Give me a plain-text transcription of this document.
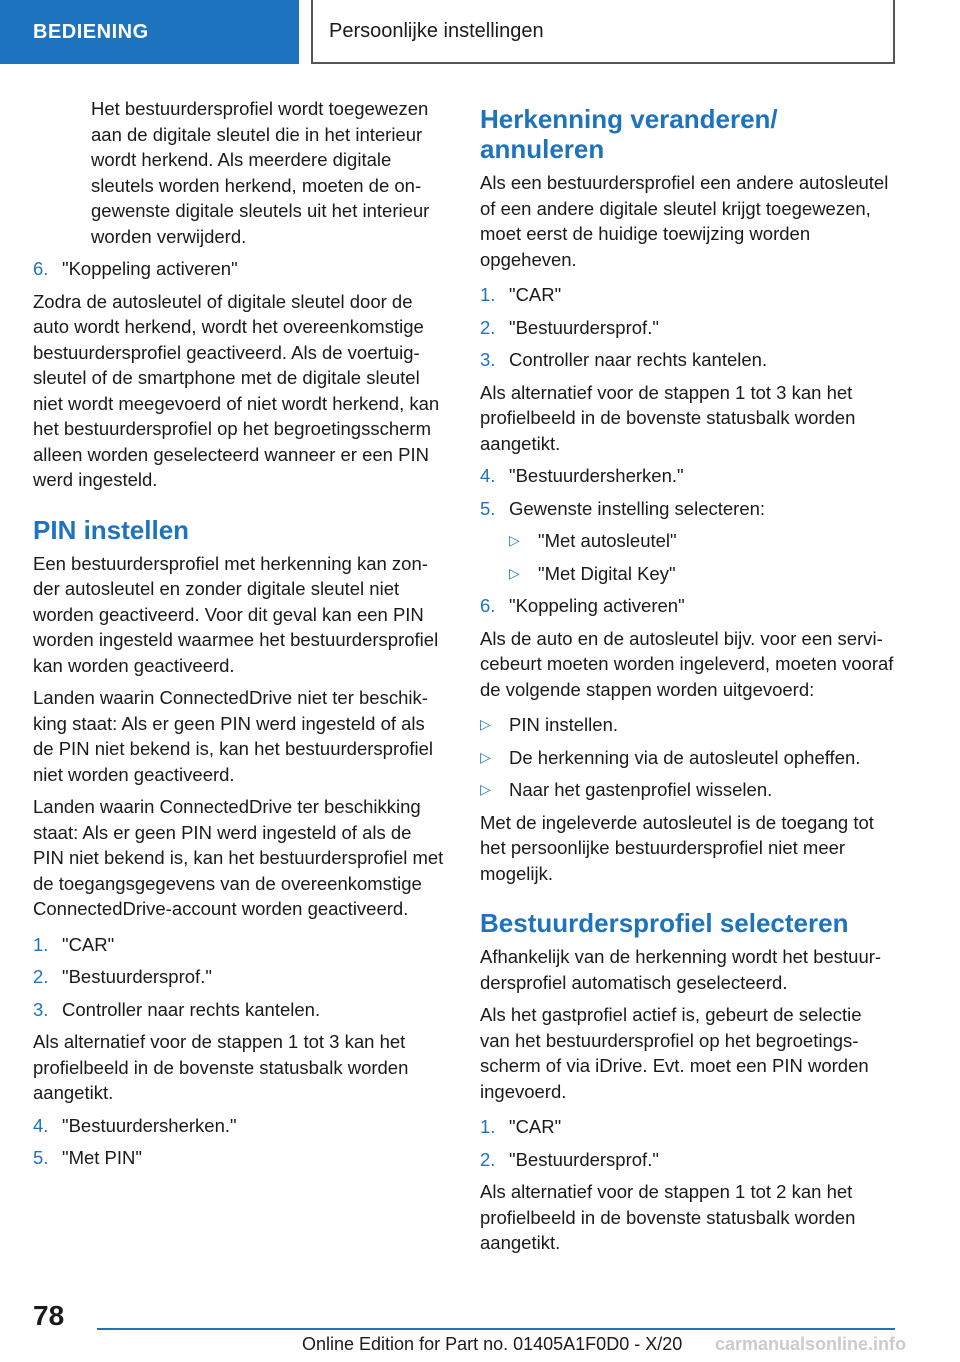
BEDIENING	Persoonlijke instellingen

Het bestuurdersprofiel wordt toegewezen aan de digitale sleutel die in het interieur wordt herkend. Als meerdere digitale sleutels worden herkend, moeten de ongewenste digitale sleutels uit het interieur worden verwijderd.

6. "Koppeling activeren"

Zodra de autosleutel of digitale sleutel door de auto wordt herkend, wordt het overeenkomstige bestuurdersprofiel geactiveerd. Als de voertuigsleutel of de smartphone met de digitale sleutel niet wordt meegevoerd of niet wordt herkend, kan het bestuurdersprofiel op het begroetingsscherm alleen worden geselecteerd wanneer er een PIN werd ingesteld.

PIN instellen

Een bestuurdersprofiel met herkenning kan zonder autosleutel en zonder digitale sleutel niet worden geactiveerd. Voor dit geval kan een PIN worden ingesteld waarmee het bestuurdersprofiel kan worden geactiveerd.

Landen waarin ConnectedDrive niet ter beschikking staat: Als er geen PIN werd ingesteld of als de PIN niet bekend is, kan het bestuurdersprofiel niet worden geactiveerd.

Landen waarin ConnectedDrive ter beschikking staat: Als er geen PIN werd ingesteld of als de PIN niet bekend is, kan het bestuurdersprofiel met de toegangsgegevens van de overeenkomstige ConnectedDrive-account worden geactiveerd.

1. "CAR"
2. "Bestuurdersprof."
3. Controller naar rechts kantelen.

Als alternatief voor de stappen 1 tot 3 kan het profielbeeld in de bovenste statusbalk worden aangetikt.

4. "Bestuurdersherken."
5. "Met PIN"
Herkenning veranderen/ annuleren

Als een bestuurdersprofiel een andere autosleutel of een andere digitale sleutel krijgt toegewezen, moet eerst de huidige toewijzing worden opgeheven.

1. "CAR"
2. "Bestuurdersprof."
3. Controller naar rechts kantelen.

Als alternatief voor de stappen 1 tot 3 kan het profielbeeld in de bovenste statusbalk worden aangetikt.

4. "Bestuurdersherken."
5. Gewenste instelling selecteren:
▷ "Met autosleutel"
▷ "Met Digital Key"
6. "Koppeling activeren"

Als de auto en de autosleutel bijv. voor een servicebeurt moeten worden ingeleverd, moeten vooraf de volgende stappen worden uitgevoerd:

▷ PIN instellen.
▷ De herkenning via de autosleutel opheffen.
▷ Naar het gastenprofiel wisselen.

Met de ingeleverde autosleutel is de toegang tot het persoonlijke bestuurdersprofiel niet meer mogelijk.

Bestuurdersprofiel selecteren

Afhankelijk van de herkenning wordt het bestuurdersprofiel automatisch geselecteerd.

Als het gastprofiel actief is, gebeurt de selectie van het bestuurdersprofiel op het begroetingsscherm of via iDrive. Evt. moet een PIN worden ingevoerd.

1. "CAR"
2. "Bestuurdersprof."

Als alternatief voor de stappen 1 tot 2 kan het profielbeeld in de bovenste statusbalk worden aangetikt.

78
Online Edition for Part no. 01405A1F0D0 - X/20 carmanualsonline.info
